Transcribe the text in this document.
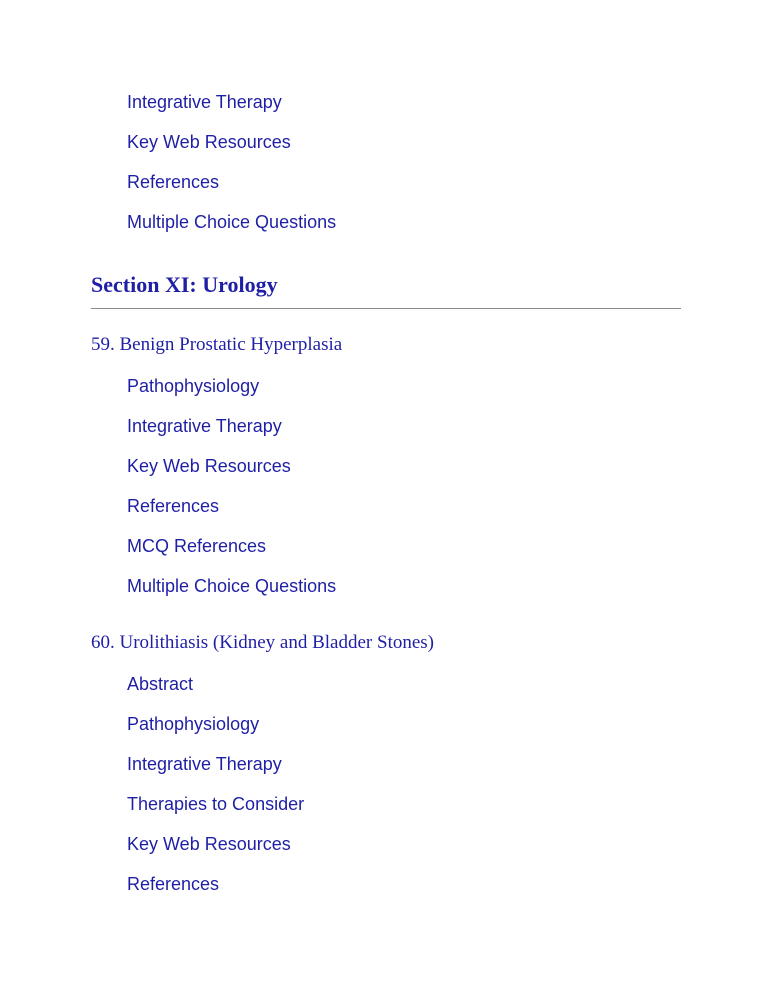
Integrative Therapy
Key Web Resources
References
Multiple Choice Questions
Section XI: Urology
59. Benign Prostatic Hyperplasia
Pathophysiology
Integrative Therapy
Key Web Resources
References
MCQ References
Multiple Choice Questions
60. Urolithiasis (Kidney and Bladder Stones)
Abstract
Pathophysiology
Integrative Therapy
Therapies to Consider
Key Web Resources
References
